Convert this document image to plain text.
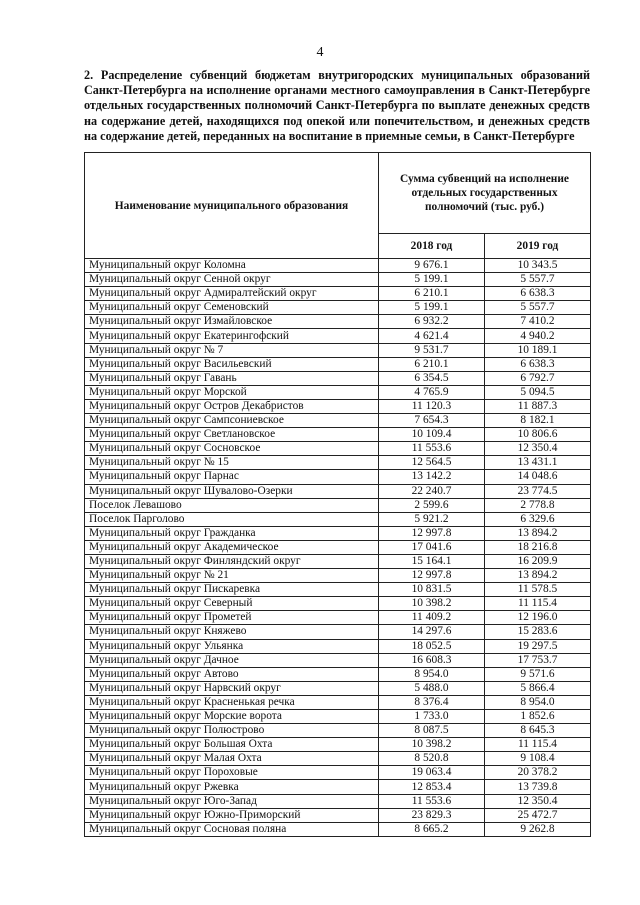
4
2. Распределение субвенций бюджетам внутригородских муниципальных образований Санкт-Петербурга на исполнение органами местного самоуправления в Санкт-Петербурге отдельных государственных полномочий Санкт-Петербурга по выплате денежных средств на содержание детей, находящихся под опекой или попечительством, и денежных средств на содержание детей, переданных на воспитание в приемные семьи, в Санкт-Петербурге
Наименование муниципального образования	Сумма субвенций на исполнение отдельных государственных полномочий (тыс. руб.)	
	2018 год	2019 год
Муниципальный округ Коломна	9 676.1	10 343.5
Муниципальный округ Сенной округ	5 199.1	5 557.7
Муниципальный округ Адмиралтейский округ	6 210.1	6 638.3
Муниципальный округ Семеновский	5 199.1	5 557.7
Муниципальный округ Измайловское	6 932.2	7 410.2
Муниципальный округ Екатерингофский	4 621.4	4 940.2
Муниципальный округ № 7	9 531.7	10 189.1
Муниципальный округ Васильевский	6 210.1	6 638.3
Муниципальный округ Гавань	6 354.5	6 792.7
Муниципальный округ Морской	4 765.9	5 094.5
Муниципальный округ Остров Декабристов	11 120.3	11 887.3
Муниципальный округ Сампсониевское	7 654.3	8 182.1
Муниципальный округ Светлановское	10 109.4	10 806.6
Муниципальный округ Сосновское	11 553.6	12 350.4
Муниципальный округ № 15	12 564.5	13 431.1
Муниципальный округ Парнас	13 142.2	14 048.6
Муниципальный округ Шувалово-Озерки	22 240.7	23 774.5
Поселок Левашово	2 599.6	2 778.8
Поселок Парголово	5 921.2	6 329.6
Муниципальный округ Гражданка	12 997.8	13 894.2
Муниципальный округ Академическое	17 041.6	18 216.8
Муниципальный округ Финляндский округ	15 164.1	16 209.9
Муниципальный округ № 21	12 997.8	13 894.2
Муниципальный округ Пискаревка	10 831.5	11 578.5
Муниципальный округ Северный	10 398.2	11 115.4
Муниципальный округ Прометей	11 409.2	12 196.0
Муниципальный округ Княжево	14 297.6	15 283.6
Муниципальный округ Ульянка	18 052.5	19 297.5
Муниципальный округ Дачное	16 608.3	17 753.7
Муниципальный округ Автово	8 954.0	9 571.6
Муниципальный округ Нарвский округ	5 488.0	5 866.4
Муниципальный округ Красненькая речка	8 376.4	8 954.0
Муниципальный округ Морские ворота	1 733.0	1 852.6
Муниципальный округ Полюстрово	8 087.5	8 645.3
Муниципальный округ Большая Охта	10 398.2	11 115.4
Муниципальный округ Малая Охта	8 520.8	9 108.4
Муниципальный округ Пороховые	19 063.4	20 378.2
Муниципальный округ Ржевка	12 853.4	13 739.8
Муниципальный округ Юго-Запад	11 553.6	12 350.4
Муниципальный округ Южно-Приморский	23 829.3	25 472.7
Муниципальный округ Сосновая поляна	8 665.2	9 262.8
